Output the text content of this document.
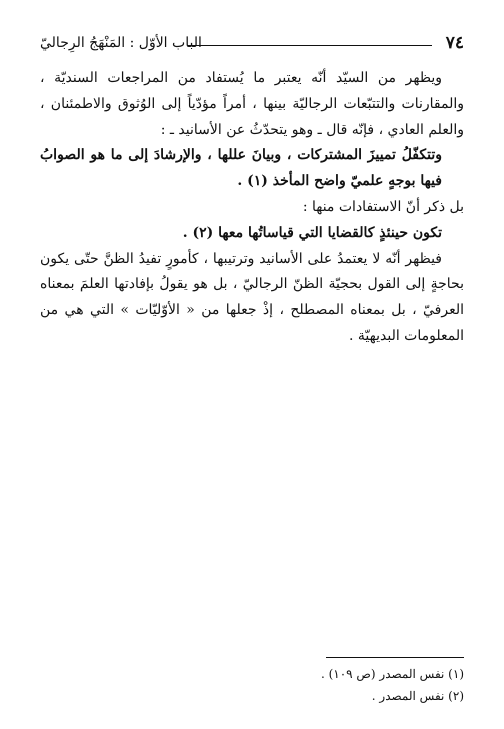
٧٤
الباب الأوّل : المَنْهَجُ الرِجاليّ

ويظهر من السيّد أنّه يعتبر ما يُستفاد من المراجعات السنديّة ، والمقارنات والتتبّعات الرجاليّة بينها ، أمراً مؤدّياً إلى الوُثوق والاطمئنان ، والعلم العادي ، فإنّه قال ـ وهو يتحدّثُ عن الأسانيد ـ :

وتتكفّلُ تمييزَ المشتركات ، وبيانَ عللها ، والإرشادَ إلى ما هو الصوابُ فيها بوجهٍ علميّ واضح المأخذ (١) .

بل ذكر أنّ الاستفادات منها :

تكون حينئذٍ كالقضايا التي قياساتُها معها (٢) .

فيظهر أنّه لا يعتمدُ على الأسانيد وترتيبها ، كأمورٍ تفيدُ الظنَّ حتّى يكون بحاجةٍ إلى القول بحجيّة الظنّ الرجاليّ ، بل هو يقولُ بإفادتها العلمَ بمعناه العرفيّ ، بل بمعناه المصطلح ، إذْ جعلها من « الأوّليّات » التي هي من المعلومات البديهيّة .

(١) نفس المصدر (ص ١٠٩) .
(٢) نفس المصدر .
